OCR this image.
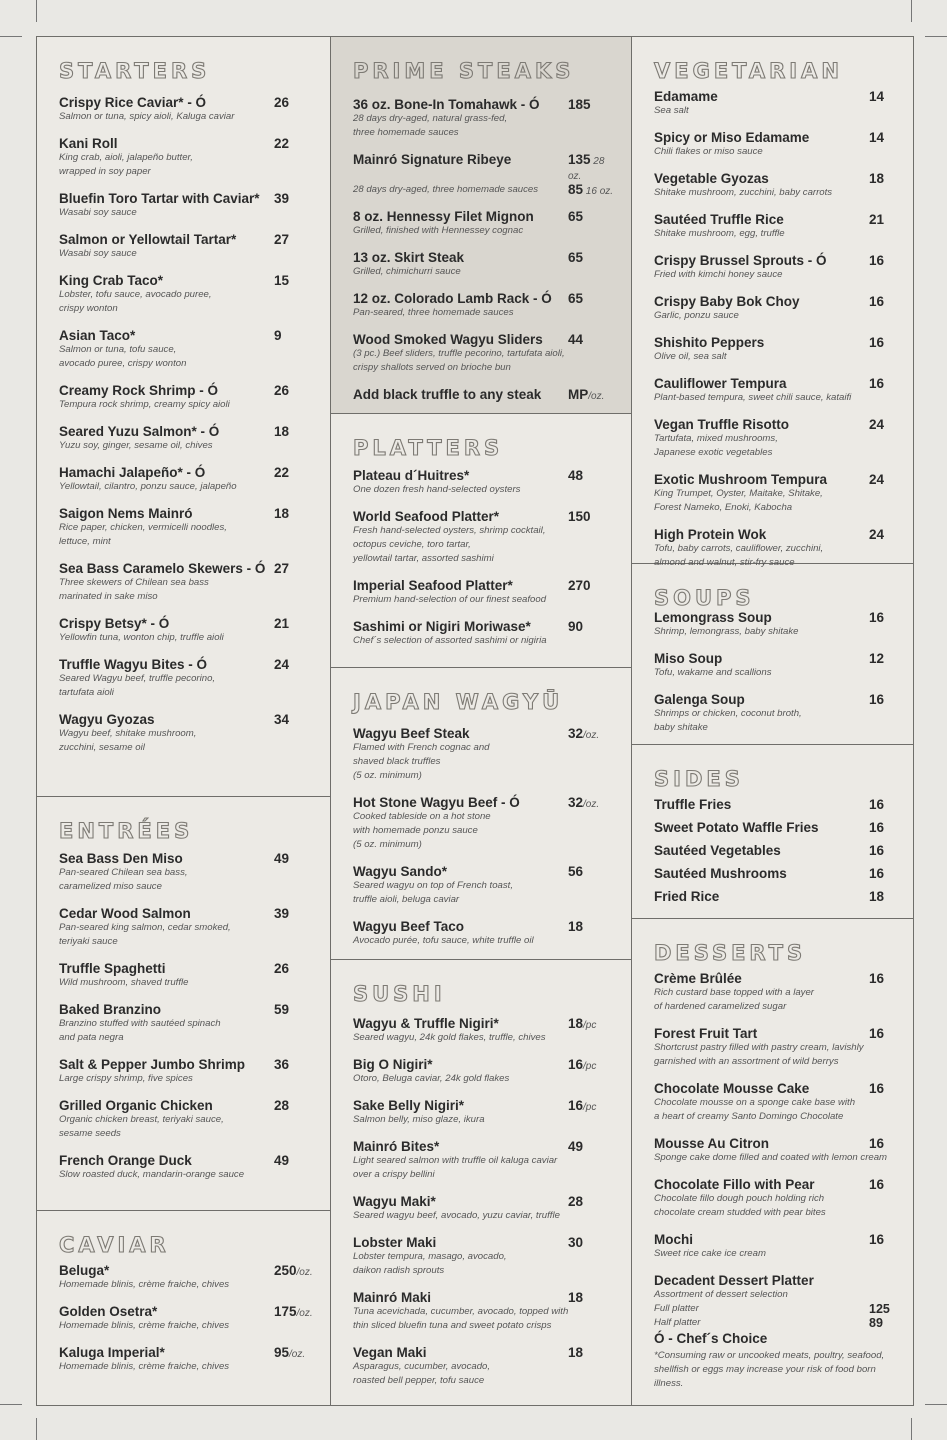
STARTERS
Crispy Rice Caviar* - Ó	26
Salmon or tuna, spicy aioli, Kaluga caviar
Kani Roll	22
King crab, aioli, jalapeño butter,
wrapped in soy paper
Bluefin Toro Tartar with Caviar*	39
Wasabi soy sauce
Salmon or Yellowtail Tartar*	27
Wasabi soy sauce
King Crab Taco*	15
Lobster, tofu sauce, avocado puree,
crispy wonton
Asian Taco*	9
Salmon or tuna, tofu sauce,
avocado puree, crispy wonton
Creamy Rock Shrimp - Ó	26
Tempura rock shrimp, creamy spicy aioli
Seared Yuzu Salmon* - Ó	18
Yuzu soy, ginger, sesame oil, chives
Hamachi Jalapeño* - Ó	22
Yellowtail, cilantro, ponzu sauce, jalapeño
Saigon Nems Mainró	18
Rice paper, chicken, vermicelli noodles,
lettuce, mint
Sea Bass Caramelo Skewers - Ó 27
Three skewers of Chilean sea bass
marinated in sake miso
Crispy Betsy* - Ó	21
Yellowfin tuna, wonton chip, truffle aioli
Truffle Wagyu Bites - Ó	24
Seared Wagyu beef, truffle pecorino,
tartufata aioli
Wagyu Gyozas	34
Wagyu beef, shitake mushroom,
zucchini, sesame oil
ENTRÉES
Sea Bass Den Miso	49
Pan-seared Chilean sea bass,
caramelized miso sauce
Cedar Wood Salmon	39
Pan-seared king salmon, cedar smoked,
teriyaki sauce
Truffle Spaghetti	26
Wild mushroom, shaved truffle
Baked Branzino	59
Branzino stuffed with sautéed spinach
and pata negra
Salt & Pepper Jumbo Shrimp	36
Large crispy shrimp, five spices
Grilled Organic Chicken	28
Organic chicken breast, teriyaki sauce,
sesame seeds
French Orange Duck	49
Slow roasted duck, mandarin-orange sauce
CAVIAR
Beluga*	250/oz.
Homemade blinis, crème fraiche, chives
Golden Osetra*	175/oz.
Homemade blinis, crème fraiche, chives
Kaluga Imperial*	95/oz.
Homemade blinis, crème fraiche, chives
PRIME STEAKS
36 oz. Bone-In Tomahawk - Ó	185
28 days dry-aged, natural grass-fed,
three homemade sauces
Mainró Signature Ribeye	135 28 oz.
85 16 oz.
28 days dry-aged, three homemade sauces
8 oz. Hennessy Filet Mignon	65
Grilled, finished with Hennessey cognac
13 oz. Skirt Steak	65
Grilled, chimichurri sauce
12 oz. Colorado Lamb Rack - Ó	65
Pan-seared, three homemade sauces
Wood Smoked Wagyu Sliders	44
(3 pc.) Beef sliders, truffle pecorino, tartufata aioli,
crispy shallots served on brioche bun
Add black truffle to any steak	MP/oz.
PLATTERS
Plateau d´Huitres*	48
One dozen fresh hand-selected oysters
World Seafood Platter*	150
Fresh hand-selected oysters, shrimp cocktail,
octopus ceviche, toro tartar,
yellowtail tartar, assorted sashimi
Imperial Seafood Platter*	270
Premium hand-selection of our finest seafood
Sashimi or Nigiri Moriwase*	90
Chef´s selection of assorted sashimi or nigiria
JAPAN WAGYŪ
Wagyu Beef Steak	32/oz.
Flamed with French cognac and
shaved black truffles
(5 oz. minimum)
Hot Stone Wagyu Beef - Ó	32/oz.
Cooked tableside on a hot stone
with homemade ponzu sauce
(5 oz. minimum)
Wagyu Sando*	56
Seared wagyu on top of French toast,
truffle aioli, beluga caviar
Wagyu Beef Taco	18
Avocado purée, tofu sauce, white truffle oil
SUSHI
Wagyu & Truffle Nigiri*	18/pc
Seared wagyu, 24k gold flakes, truffle, chives
Big O Nigiri*	16/pc
Otoro, Beluga caviar, 24k gold flakes
Sake Belly Nigiri*	16/pc
Salmon belly, miso glaze, ikura
Mainró Bites*	49
Light seared salmon with truffle oil kaluga caviar
over a crispy bellini
Wagyu Maki*	28
Seared wagyu beef, avocado, yuzu caviar, truffle
Lobster Maki	30
Lobster tempura, masago, avocado,
daikon radish sprouts
Mainró Maki	18
Tuna acevichada, cucumber, avocado, topped with
thin sliced bluefin tuna and sweet potato crisps
Vegan Maki	18
Asparagus, cucumber, avocado,
roasted bell pepper, tofu sauce
VEGETARIAN
Edamame	14
Sea salt
Spicy or Miso Edamame	14
Chili flakes or miso sauce
Vegetable Gyozas	18
Shitake mushroom, zucchini, baby carrots
Sautéed Truffle Rice	21
Shitake mushroom, egg, truffle
Crispy Brussel Sprouts - Ó	16
Fried with kimchi honey sauce
Crispy Baby Bok Choy	16
Garlic, ponzu sauce
Shishito Peppers	16
Olive oil, sea salt
Cauliflower Tempura	16
Plant-based tempura, sweet chili sauce, kataifi
Vegan Truffle Risotto	24
Tartufata, mixed mushrooms,
Japanese exotic vegetables
Exotic Mushroom Tempura	24
King Trumpet, Oyster, Maitake, Shitake,
Forest Nameko, Enoki, Kabocha
High Protein Wok	24
Tofu, baby carrots, cauliflower, zucchini,
almond and walnut, stir-fry sauce
SOUPS
Lemongrass Soup	16
Shrimp, lemongrass, baby shitake
Miso Soup	12
Tofu, wakame and scallions
Galenga Soup	16
Shrimps or chicken, coconut broth,
baby shitake
SIDES
Truffle Fries	16
Sweet Potato Waffle Fries	16
Sautéed Vegetables	16
Sautéed Mushrooms	16
Fried Rice	18
DESSERTS
Crème Brûlée	16
Rich custard base topped with a layer
of hardened caramelized sugar
Forest Fruit Tart	16
Shortcrust pastry filled with pastry cream, lavishly
garnished with an assortment of wild berrys
Chocolate Mousse Cake	16
Chocolate mousse on a sponge cake base with
a heart of creamy Santo Domingo Chocolate
Mousse Au Citron	16
Sponge cake dome filled and coated with lemon cream
Chocolate Fillo with Pear	16
Chocolate fillo dough pouch holding rich
chocolate cream studded with pear bites
Mochi	16
Sweet rice cake ice cream
Decadent Dessert Platter
Assortment of dessert selection
Full platter	125
Half platter	89
Ó - Chef´s Choice
*Consuming raw or uncooked meats, poultry, seafood,
shellfish or eggs may increase your risk of food born illness.
